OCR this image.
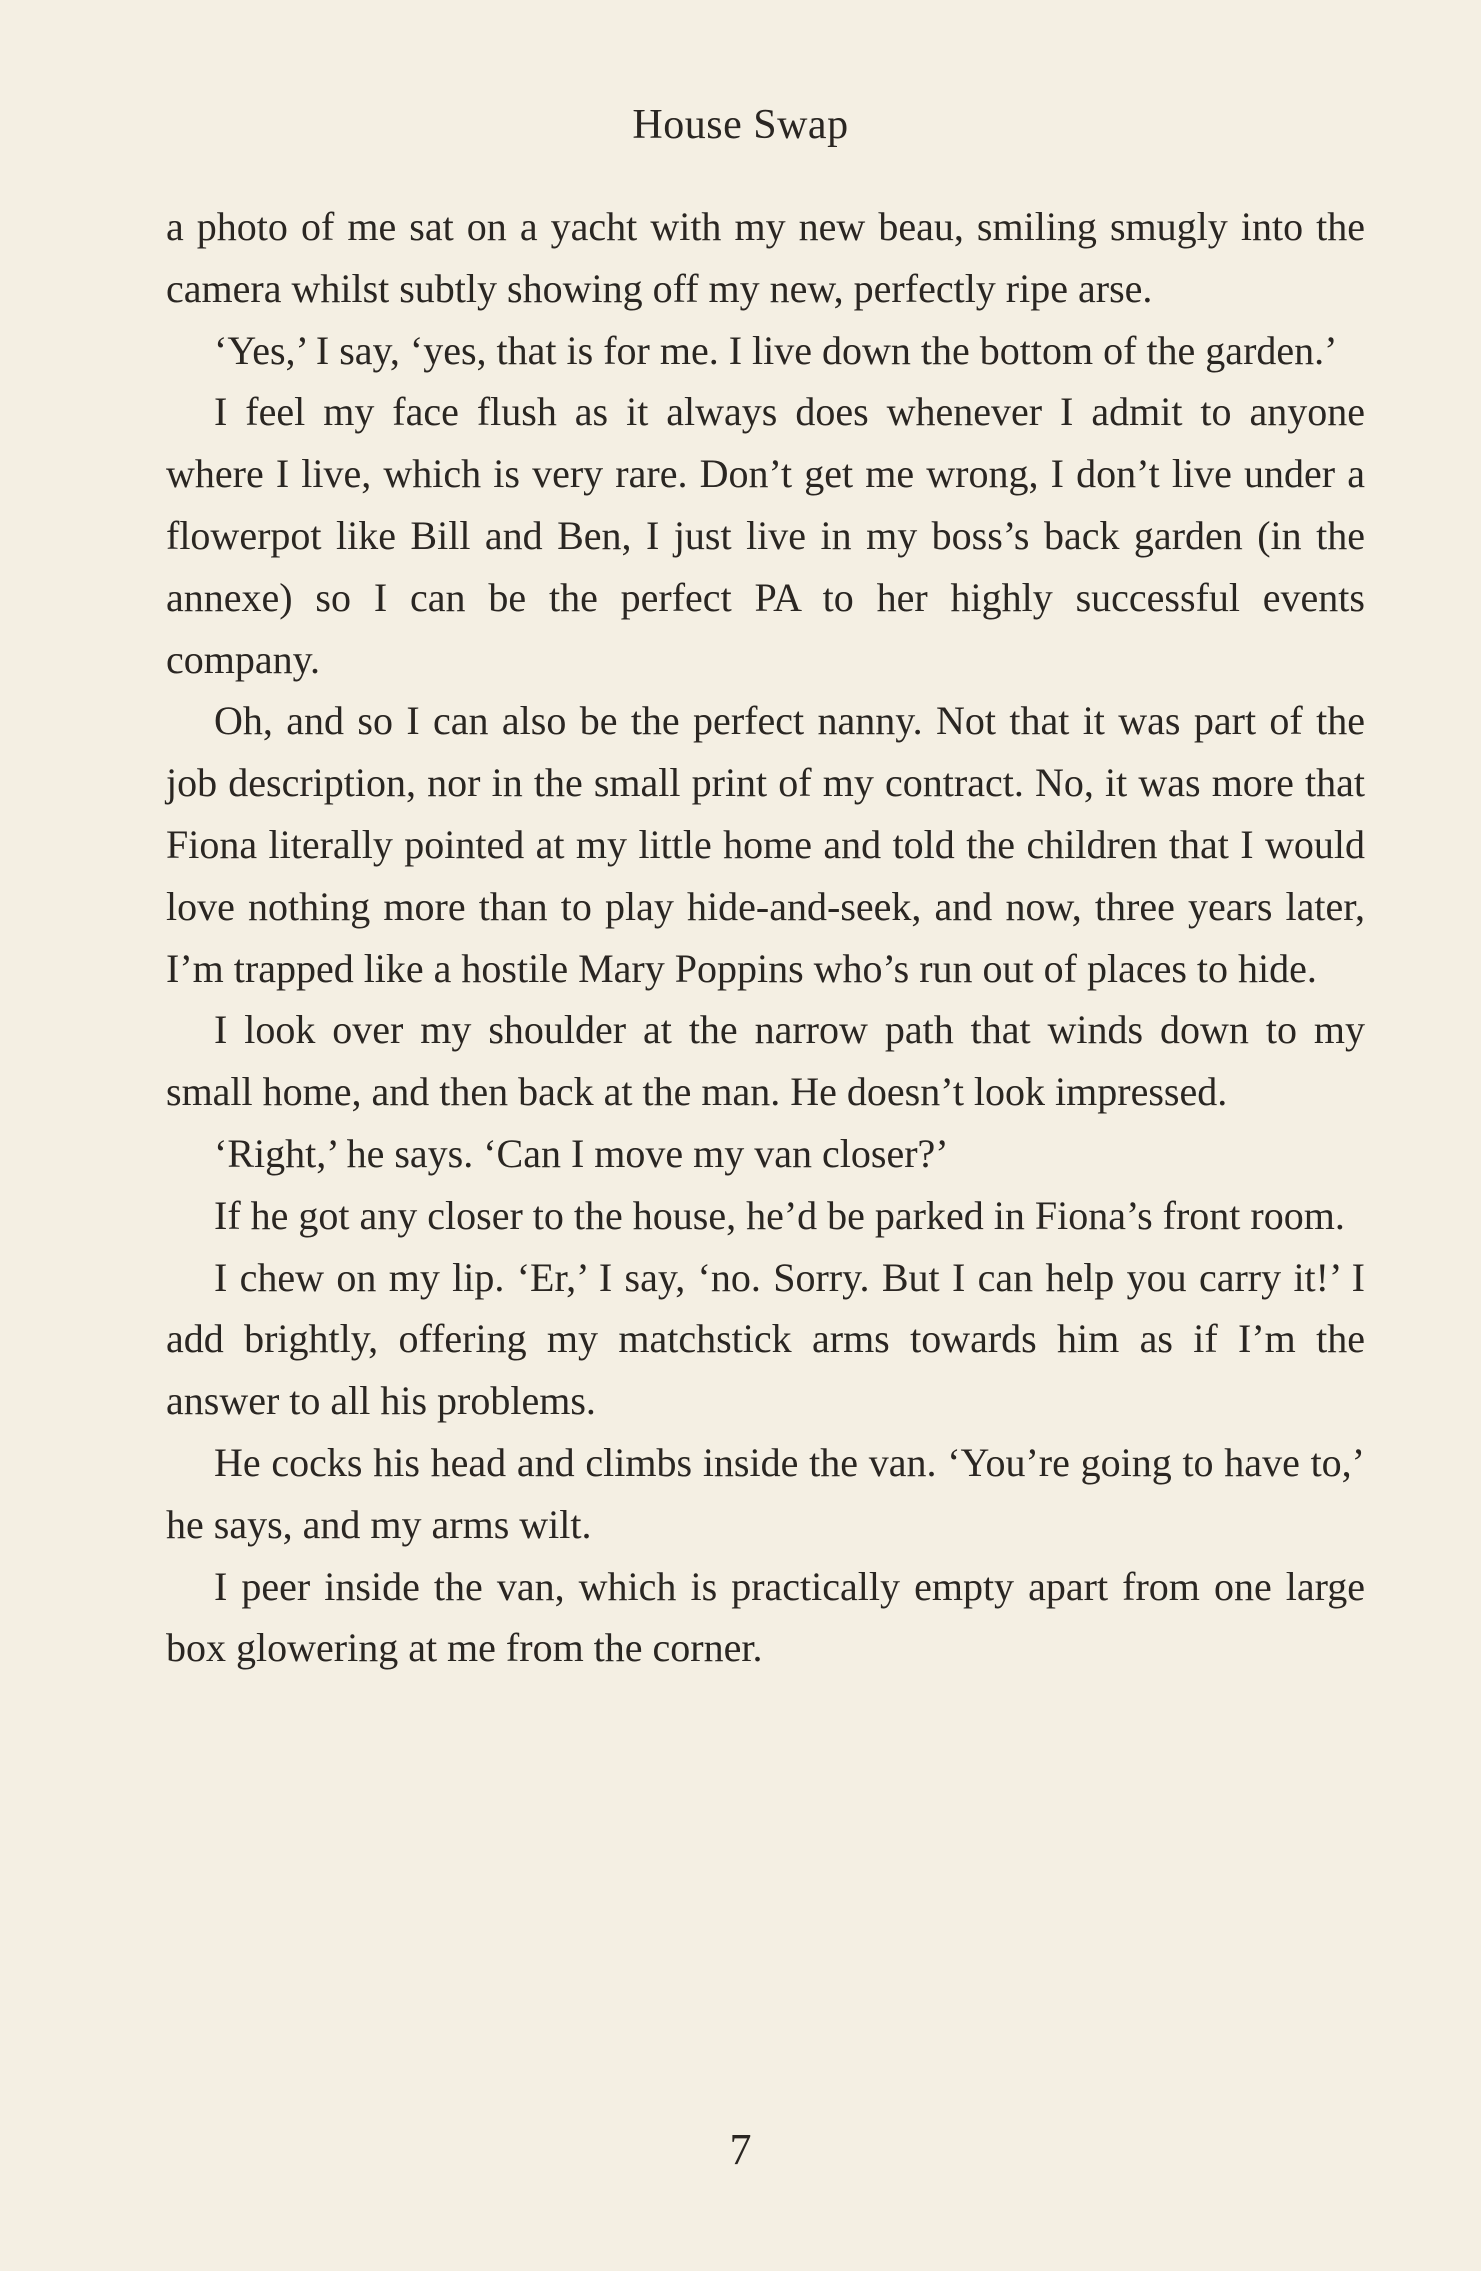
House Swap

a photo of me sat on a yacht with my new beau, smiling smugly into the camera whilst subtly showing off my new, perfectly ripe arse.

‘Yes,’ I say, ‘yes, that is for me. I live down the bottom of the garden.’

I feel my face flush as it always does whenever I admit to anyone where I live, which is very rare. Don’t get me wrong, I don’t live under a flowerpot like Bill and Ben, I just live in my boss’s back garden (in the annexe) so I can be the perfect PA to her highly successful events company.

Oh, and so I can also be the perfect nanny. Not that it was part of the job description, nor in the small print of my contract. No, it was more that Fiona literally pointed at my little home and told the children that I would love nothing more than to play hide-and-seek, and now, three years later, I’m trapped like a hostile Mary Poppins who’s run out of places to hide.

I look over my shoulder at the narrow path that winds down to my small home, and then back at the man. He doesn’t look impressed.

‘Right,’ he says. ‘Can I move my van closer?’

If he got any closer to the house, he’d be parked in Fiona’s front room.

I chew on my lip. ‘Er,’ I say, ‘no. Sorry. But I can help you carry it!’ I add brightly, offering my matchstick arms towards him as if I’m the answer to all his problems.

He cocks his head and climbs inside the van. ‘You’re going to have to,’ he says, and my arms wilt.

I peer inside the van, which is practically empty apart from one large box glowering at me from the corner.

7
